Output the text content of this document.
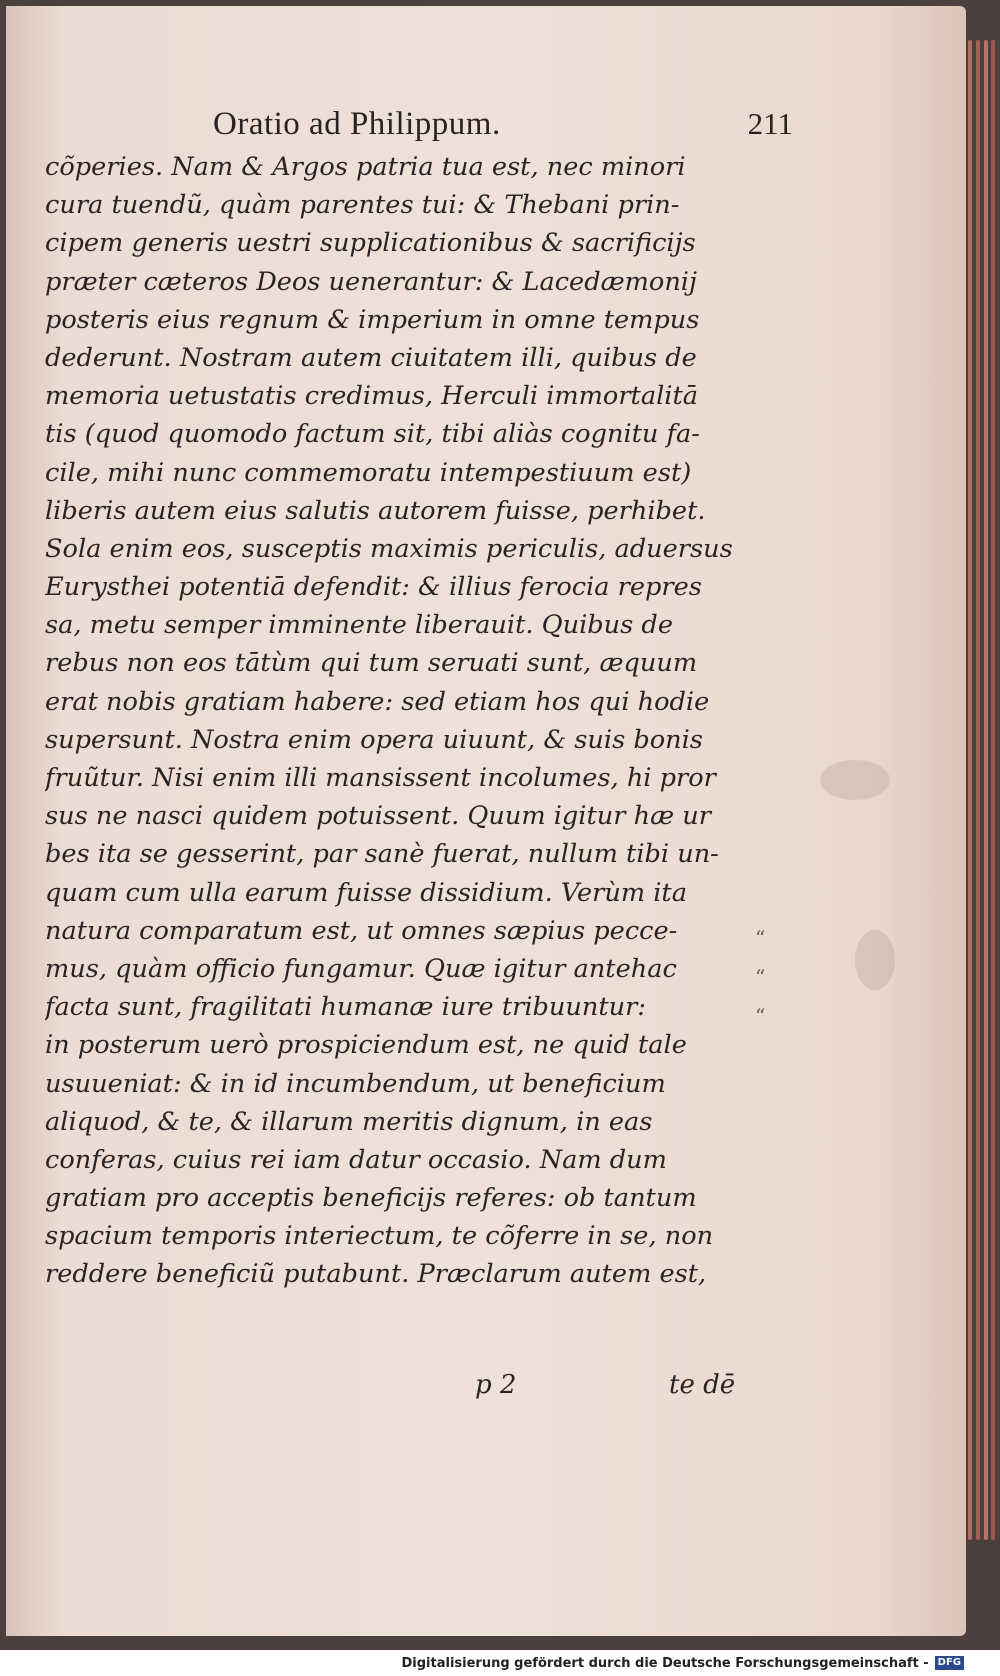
Oratio ad Philippum.	211
cõperies. Nam & Argos patria tua est, nec minori
cura tuendũ, quàm parentes tui: & Thebani prin-
cipem generis uestri supplicationibus & sacrificijs
præter cæteros Deos uenerantur: & Lacedæmonij
posteris eius regnum & imperium in omne tempus
dederunt. Nostram autem ciuitatem illi, quibus de
memoria uetustatis credimus, Herculi immortalitā
tis (quod quomodo factum sit, tibi aliàs cognitu fa-
cile, mihi nunc commemoratu intempestiuum est)
liberis autem eius salutis autorem fuisse, perhibet.
Sola enim eos, susceptis maximis periculis, aduersus
Eurysthei potentiā defendit: & illius ferocia repres
sa, metu semper imminente liberauit. Quibus de
rebus non eos tātùm qui tum seruati sunt, æquum
erat nobis gratiam habere: sed etiam hos qui hodie
supersunt. Nostra enim opera uiuunt, & suis bonis
fruũtur. Nisi enim illi mansissent incolumes, hi pror
sus ne nasci quidem potuissent. Quum igitur hæ ur
bes ita se gesserint, par sanè fuerat, nullum tibi un-
quam cum ulla earum fuisse dissidium. Verùm ita
natura comparatum est, ut omnes sæpius pecce-
mus, quàm officio fungamur. Quæ igitur antehac
facta sunt, fragilitati humanæ iure tribuuntur:
in posterum uerò prospiciendum est, ne quid tale
usuueniat: & in id incumbendum, ut beneficium
aliquod, & te, & illarum meritis dignum, in eas
conferas, cuius rei iam datur occasio. Nam dum
gratiam pro acceptis beneficijs referes: ob tantum
spacium temporis interiectum, te cõferre in se, non
reddere beneficiũ putabunt. Præclarum autem est,
“
“
“
p 2	te dē
Digitalisierung gefördert durch die Deutsche Forschungsgemeinschaft - DFG
